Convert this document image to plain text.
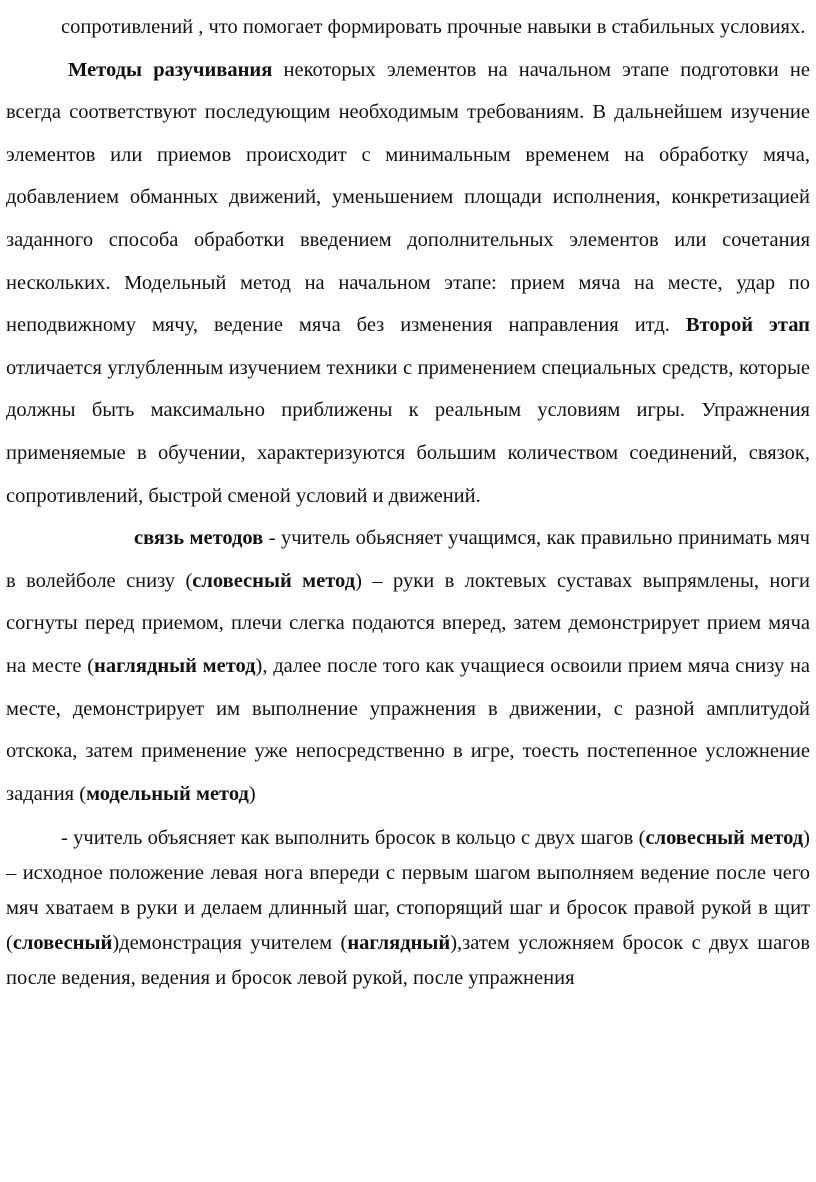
сопротивлений , что помогает формировать прочные навыки в стабильных условиях.

Методы разучивания некоторых элементов на начальном этапе подготовки не всегда соответствуют последующим необходимым требованиям. В дальнейшем изучение элементов или приемов происходит с минимальным временем на обработку мяча, добавлением обманных движений, уменьшением площади исполнения, конкретизацией заданного способа обработки введением дополнительных элементов или сочетания нескольких. Модельный метод на начальном этапе: прием мяча на месте, удар по неподвижному мячу, ведение мяча без изменения направления итд. Второй этап отличается углубленным изучением техники с применением специальных средств, которые должны быть максимально приближены к реальным условиям игры. Упражнения применяемые в обучении, характеризуются большим количеством соединений, связок, сопротивлений, быстрой сменой условий и движений.

связь методов - учитель обьясняет учащимся, как правильно принимать мяч в волейболе снизу (словесный метод) – руки в локтевых суставах выпрямлены, ноги согнуты перед приемом, плечи слегка подаются вперед, затем демонстрирует прием мяча на месте (наглядный метод), далее после того как учащиеся освоили прием мяча снизу на месте, демонстрирует им выполнение упражнения в движении, с разной амплитудой отскока, затем применение уже непосредственно в игре, тоесть постепенное усложнение задания (модельный метод)

- учитель объясняет как выполнить бросок в кольцо с двух шагов (словесный метод) – исходное положение левая нога впереди с первым шагом выполняем ведение после чего мяч хватаем в руки и делаем длинный шаг, стопорящий шаг и бросок правой рукой в щит (словесный)демонстрация учителем (наглядный),затем усложняем бросок с двух шагов после ведения, ведения и бросок левой рукой, после упражнения
